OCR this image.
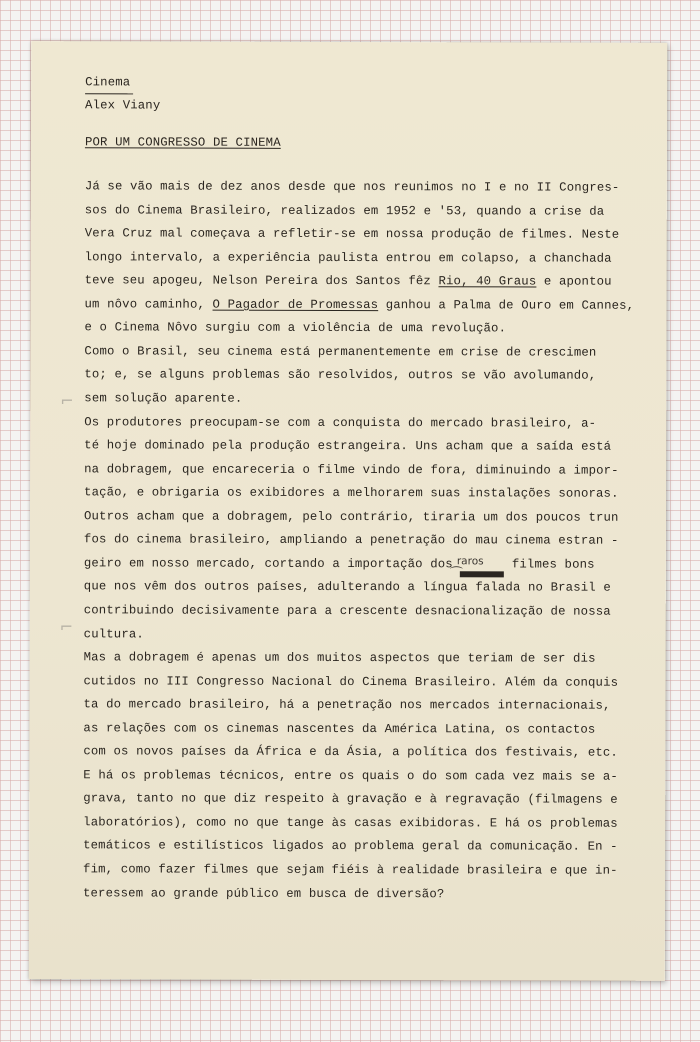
Cinema
Alex Viany
POR UM CONGRESSO DE CINEMA
Já se vão mais de dez anos desde que nos reunimos no I e no II Congres-
sos do Cinema Brasileiro, realizados em 1952 e '53, quando a crise da
Vera Cruz mal começava a refletir-se em nossa produção de filmes. Neste
longo intervalo, a experiência paulista entrou em colapso, a chanchada
teve seu apogeu, Nelson Pereira dos Santos fêz Rio, 40 Graus e apontou
um nôvo caminho, O Pagador de Promessas ganhou a Palma de Ouro em Cannes,
e o Cinema Nôvo surgiu com a violência de uma revolução.
Como o Brasil, seu cinema está permanentemente em crise de crescimen
to; e, se alguns problemas são resolvidos, outros se vão avolumando,
sem solução aparente.
Os produtores preocupam-se com a conquista do mercado brasileiro, a-
té hoje dominado pela produção estrangeira. Uns acham que a saída está
na dobragem, que encareceria o filme vindo de fora, diminuindo a impor-
tação, e obrigaria os exibidores a melhorarem suas instalações sonoras.
Outros acham que a dobragem, pelo contrário, tiraria um dos poucos trun
fos do cinema brasileiro, ampliando a penetração do mau cinema estran -
geiro em nosso mercado, cortando a importação dos	filmes bons
que nos vêm dos outros países, adulterando a língua falada no Brasil e
contribuindo decisivamente para a crescente desnacionalização de nossa
cultura.
Mas a dobragem é apenas um dos muitos aspectos que teriam de ser dis
cutidos no III Congresso Nacional do Cinema Brasileiro. Além da conquis
ta do mercado brasileiro, há a penetração nos mercados internacionais,
as relações com os cinemas nascentes da América Latina, os contactos
com os novos países da África e da Ásia, a política dos festivais, etc.
E há os problemas técnicos, entre os quais o do som cada vez mais se a-
grava, tanto no que diz respeito à gravação e à regravação (filmagens e
laboratórios), como no que tange às casas exibidoras. E há os problemas
temáticos e estilísticos ligados ao problema geral da comunicação. En -
fim, como fazer filmes que sejam fiéis à realidade brasileira e que in-
teressem ao grande público em busca de diversão?
raros
⌒
⌐
⌐
